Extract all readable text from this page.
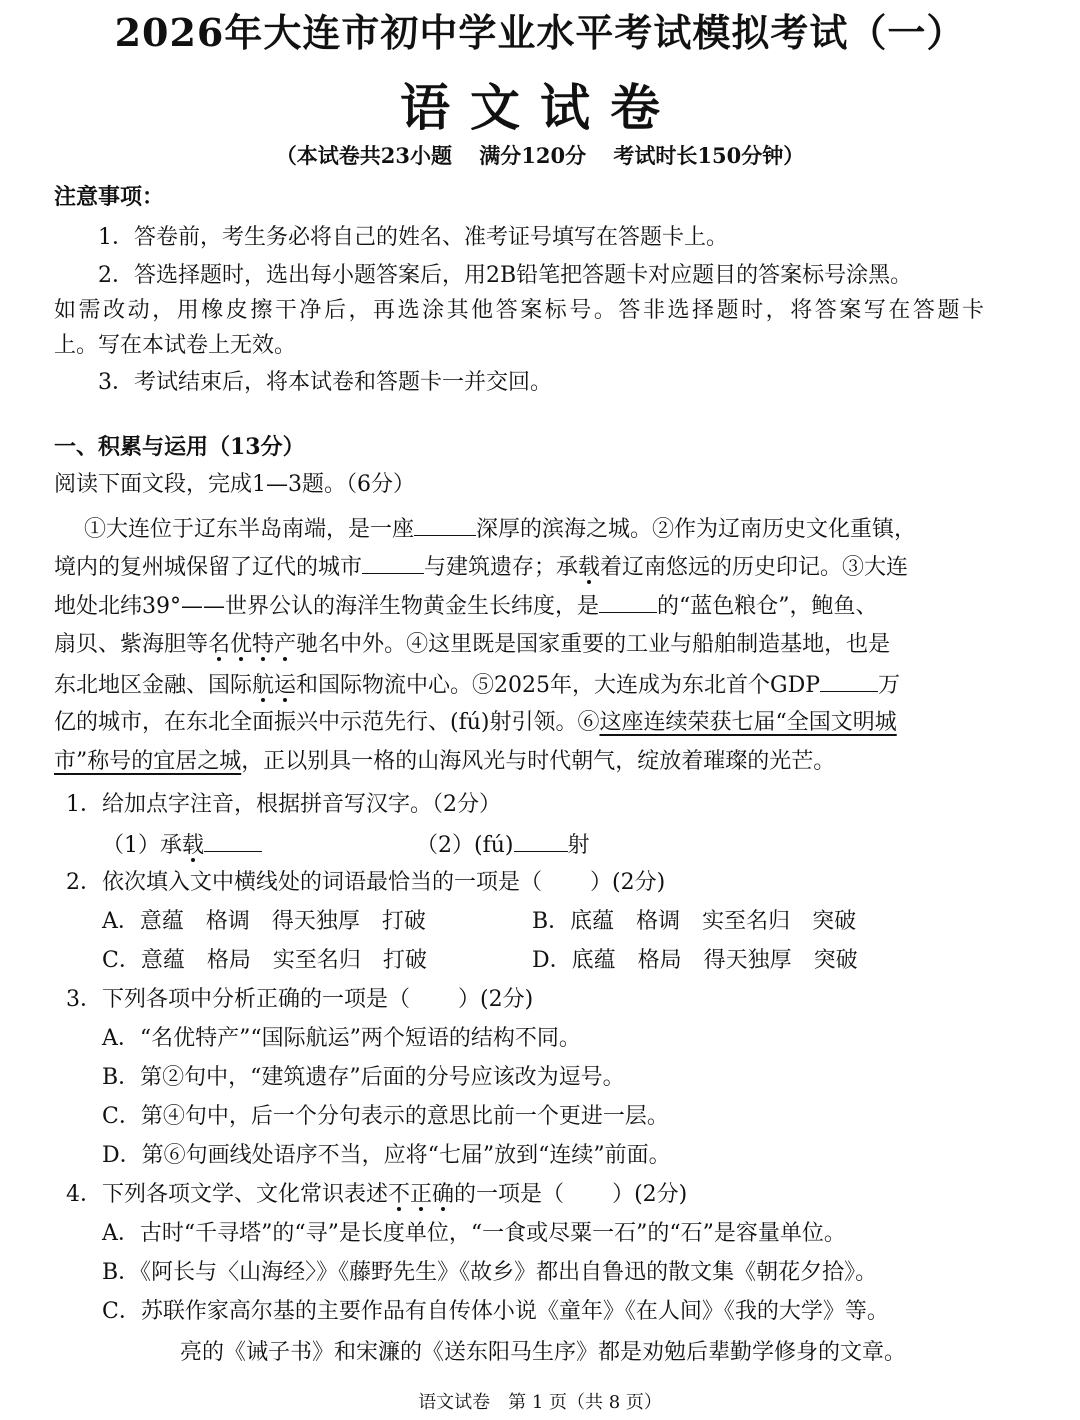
2026年大连市初中学业水平考试模拟考试（一）
语文试卷
（本试卷共23小题 满分120分 考试时长150分钟）
注意事项：
1．答卷前，考生务必将自己的姓名、准考证号填写在答题卡上。
2．答选择题时，选出每小题答案后，用2B铅笔把答题卡对应题目的答案标号涂黑。
如需改动，用橡皮擦干净后，再选涂其他答案标号。答非选择题时，将答案写在答题卡
上。写在本试卷上无效。
3．考试结束后，将本试卷和答题卡一并交回。
一、积累与运用（13分）
阅读下面文段，完成1—3题。（6分）
①大连位于辽东半岛南端，是一座	深厚的滨海之城。②作为辽南历史文化重镇，
境内的复州城保留了辽代的城市	与建筑遗存；承载着辽南悠远的历史印记。③大连
地处北纬39°——世界公认的海洋生物黄金生长纬度，是	的“蓝色粮仓”，鲍鱼、
扇贝、紫海胆等名优特产驰名中外。④这里既是国家重要的工业与船舶制造基地，也是
东北地区金融、国际航运和国际物流中心。⑤2025年，大连成为东北首个GDP	万
亿的城市，在东北全面振兴中示范先行、(fú)射引领。⑥这座连续荣获七届“全国文明城
市”称号的宜居之城，正以别具一格的山海风光与时代朝气，绽放着璀璨的光芒。
1．给加点字注音，根据拼音写汉字。（2分）
（1）承载	（2）(fú) 射
2．依次填入文中横线处的词语最恰当的一项是（ ）(2分)
A．意蕴　格调　得天独厚　打破	B．底蕴　格调　实至名归　突破
C．意蕴　格局　实至名归　打破	D．底蕴　格局　得天独厚　突破
3．下列各项中分析正确的一项是（ ）(2分)
A．“名优特产”“国际航运”两个短语的结构不同。
B．第②句中，“建筑遗存”后面的分号应该改为逗号。
C．第④句中，后一个分句表示的意思比前一个更进一层。
D．第⑥句画线处语序不当，应将“七届”放到“连续”前面。
4．下列各项文学、文化常识表述不正确的一项是（ ）(2分)
A．古时“千寻塔”的“寻”是长度单位，“一食或尽粟一石”的“石”是容量单位。
B．《阿长与〈山海经〉》《藤野先生》《故乡》都出自鲁迅的散文集《朝花夕拾》。
C．苏联作家高尔基的主要作品有自传体小说《童年》《在人间》《我的大学》等。
亮的《诫子书》和宋濂的《送东阳马生序》都是劝勉后辈勤学修身的文章。
语文试卷　第 1 页（共 8 页）
